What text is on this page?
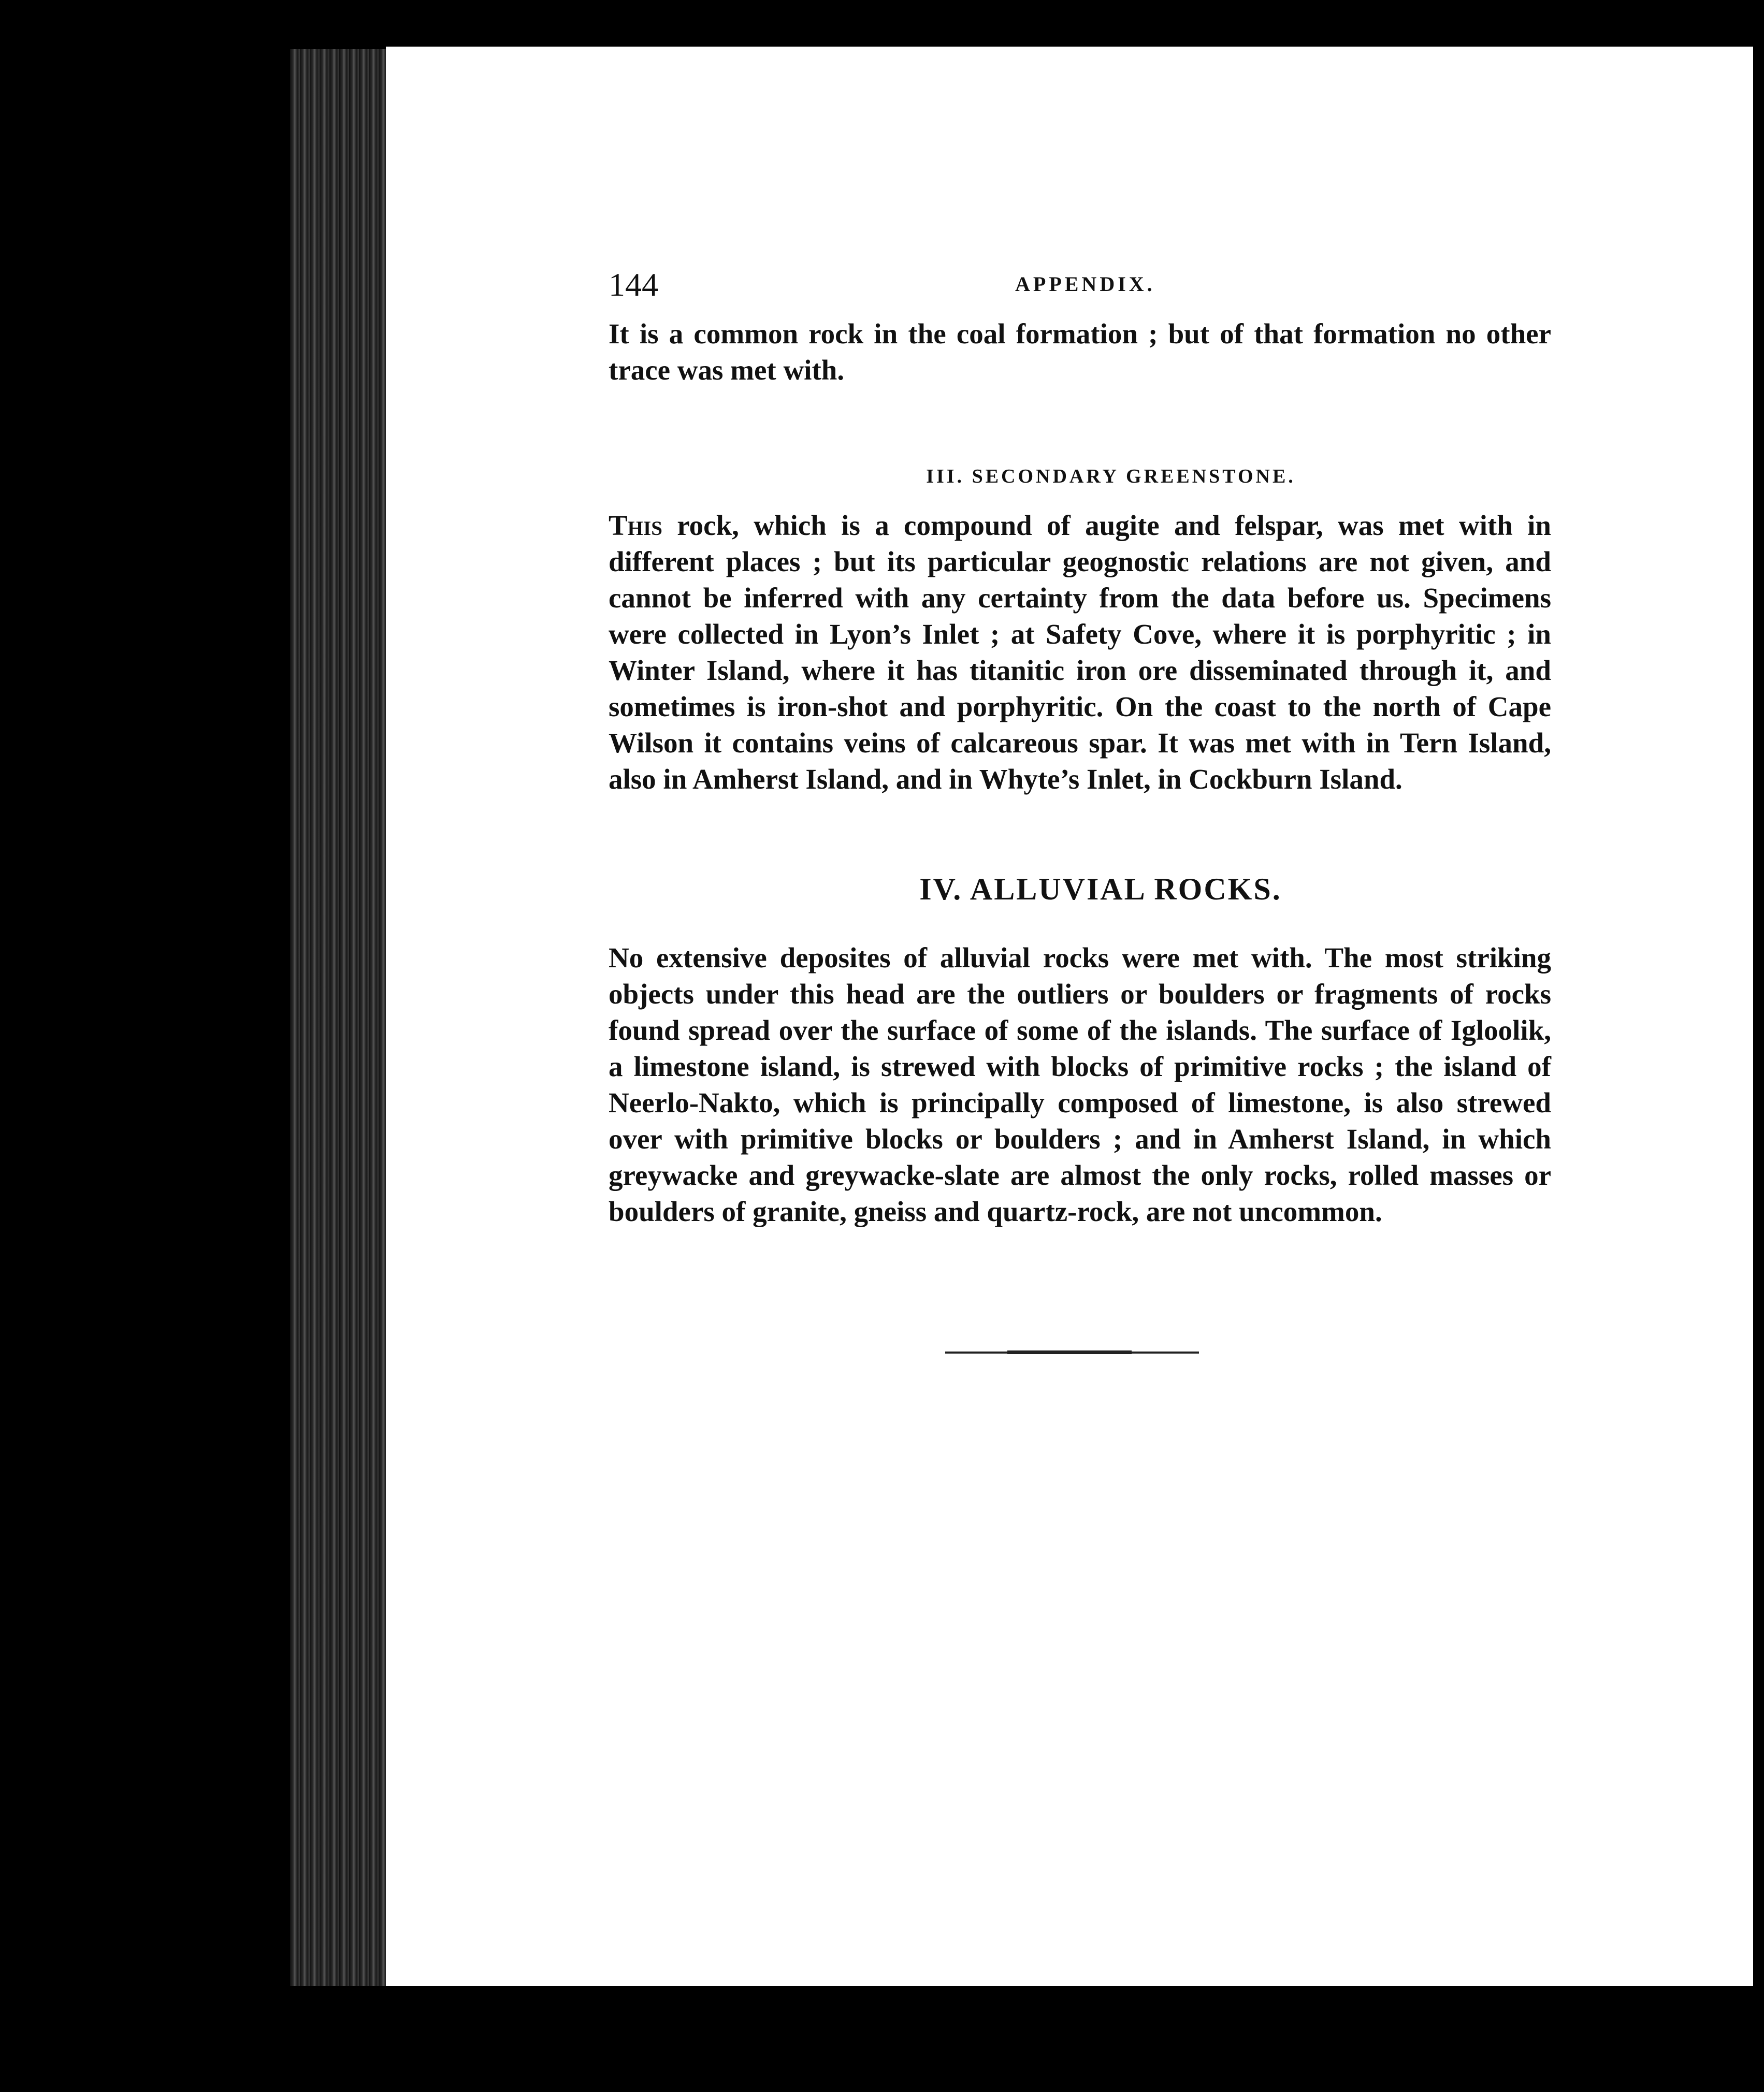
144	APPENDIX.

It is a common rock in the coal formation ; but of that formation no other trace was met with.

III. SECONDARY GREENSTONE.

This rock, which is a compound of augite and felspar, was met with in different places ; but its particular geognostic relations are not given, and cannot be inferred with any certainty from the data before us. Specimens were collected in Lyon’s Inlet ; at Safety Cove, where it is porphyritic ; in Winter Island, where it has titanitic iron ore disseminated through it, and sometimes is iron-shot and porphyritic. On the coast to the north of Cape Wilson it contains veins of calcareous spar. It was met with in Tern Island, also in Amherst Island, and in Whyte’s Inlet, in Cockburn Island.

IV. ALLUVIAL ROCKS.

No extensive deposites of alluvial rocks were met with. The most striking objects under this head are the outliers or boulders or fragments of rocks found spread over the surface of some of the islands. The surface of Igloolik, a limestone island, is strewed with blocks of primitive rocks ; the island of Neerlo-Nakto, which is principally composed of limestone, is also strewed over with primitive blocks or boulders ; and in Amherst Island, in which greywacke and greywacke-slate are almost the only rocks, rolled masses or boulders of granite, gneiss and quartz-rock, are not uncommon.
